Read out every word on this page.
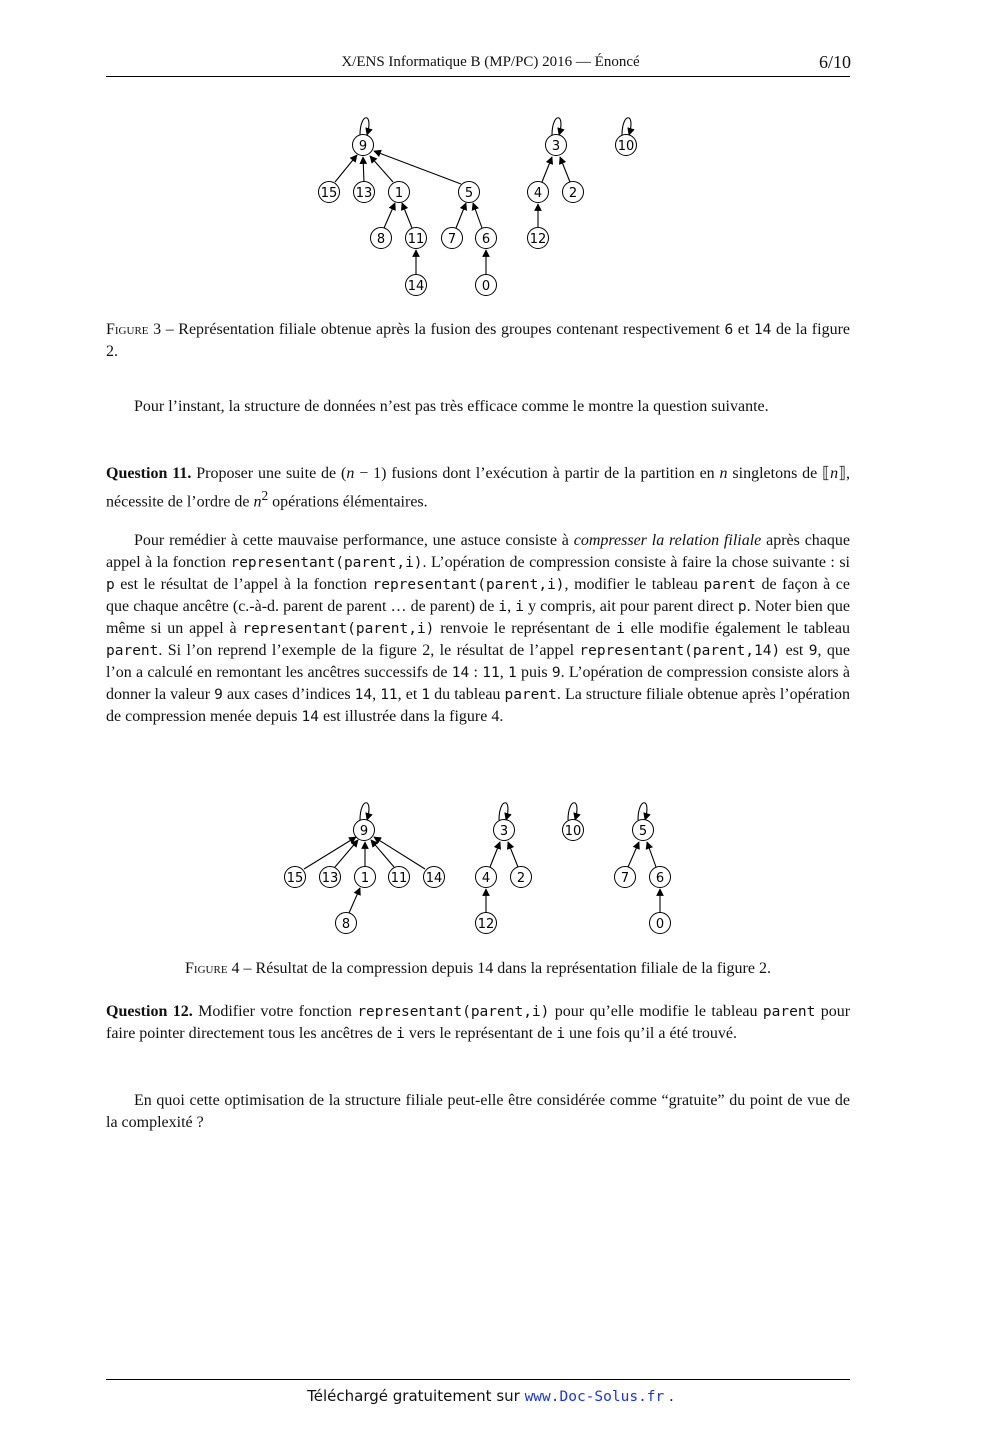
X/ENS Informatique B (MP/PC) 2016 — Énoncé	6/10
9
15 13 1	5
8 11 7 6
14	0
3
4 2
12
10

Figure 3 – Représentation filiale obtenue après la fusion des groupes contenant respectivement 6 et 14 de la figure 2.

Pour l’instant, la structure de données n’est pas très efficace comme le montre la question suivante.

Question 11. Proposer une suite de (n − 1) fusions dont l’exécution à partir de la partition en n singletons de ⟦n⟧, nécessite de l’ordre de $n^2$ opérations élémentaires.

Pour remédier à cette mauvaise performance, une astuce consiste à compresser la relation filiale après chaque appel à la fonction representant(parent,i). L’opération de compression consiste à faire la chose suivante : si p est le résultat de l’appel à la fonction representant(parent,i), modifier le tableau parent de façon à ce que chaque ancêtre (c.-à-d. parent de parent … de parent) de i, i y compris, ait pour parent direct p. Noter bien que même si un appel à representant(parent,i) renvoie le représentant de i elle modifie également le tableau parent. Si l’on reprend l’exemple de la figure 2, le résultat de l’appel representant(parent,14) est 9, que l’on a calculé en remontant les ancêtres successifs de 14 : 11, 1 puis 9. L’opération de compression consiste alors à donner la valeur 9 aux cases d’indices 14, 11, et 1 du tableau parent. La structure filiale obtenue après l’opération de compression menée depuis 14 est illustrée dans la figure 4.

9
15 13 1 11 14
8
3
4 2
12
10	5
7 6
0

Figure 4 – Résultat de la compression depuis 14 dans la représentation filiale de la figure 2.

Question 12. Modifier votre fonction representant(parent,i) pour qu’elle modifie le tableau parent pour faire pointer directement tous les ancêtres de i vers le représentant de i une fois qu’il a été trouvé.

En quoi cette optimisation de la structure filiale peut-elle être considérée comme “gratuite” du point de vue de la complexité ?

Téléchargé gratuitement sur www.Doc-Solus.fr .
